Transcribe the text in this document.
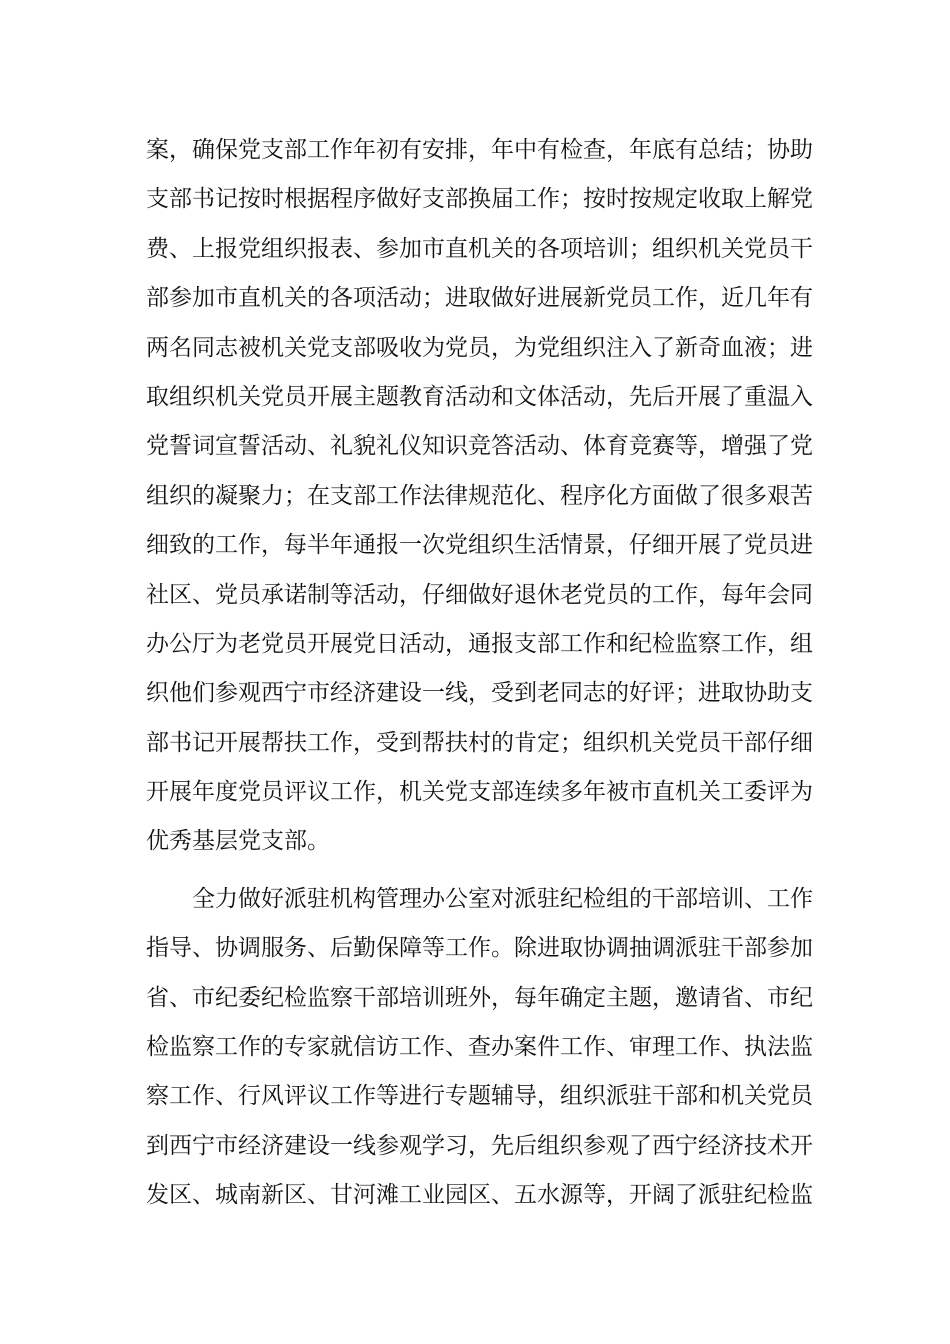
案，确保党支部工作年初有安排，年中有检查，年底有总结；协助
支部书记按时根据程序做好支部换届工作；按时按规定收取上解党
费、上报党组织报表、参加市直机关的各项培训；组织机关党员干
部参加市直机关的各项活动；进取做好进展新党员工作，近几年有
两名同志被机关党支部吸收为党员，为党组织注入了新奇血液；进
取组织机关党员开展主题教育活动和文体活动，先后开展了重温入
党誓词宣誓活动、礼貌礼仪知识竞答活动、体育竞赛等，增强了党
组织的凝聚力；在支部工作法律规范化、程序化方面做了很多艰苦
细致的工作，每半年通报一次党组织生活情景，仔细开展了党员进
社区、党员承诺制等活动，仔细做好退休老党员的工作，每年会同
办公厅为老党员开展党日活动，通报支部工作和纪检监察工作，组
织他们参观西宁市经济建设一线，受到老同志的好评；进取协助支
部书记开展帮扶工作，受到帮扶村的肯定；组织机关党员干部仔细
开展年度党员评议工作，机关党支部连续多年被市直机关工委评为
优秀基层党支部。
全力做好派驻机构管理办公室对派驻纪检组的干部培训、工作
指导、协调服务、后勤保障等工作。除进取协调抽调派驻干部参加
省、市纪委纪检监察干部培训班外，每年确定主题，邀请省、市纪
检监察工作的专家就信访工作、查办案件工作、审理工作、执法监
察工作、行风评议工作等进行专题辅导，组织派驻干部和机关党员
到西宁市经济建设一线参观学习，先后组织参观了西宁经济技术开
发区、城南新区、甘河滩工业园区、五水源等，开阔了派驻纪检监
